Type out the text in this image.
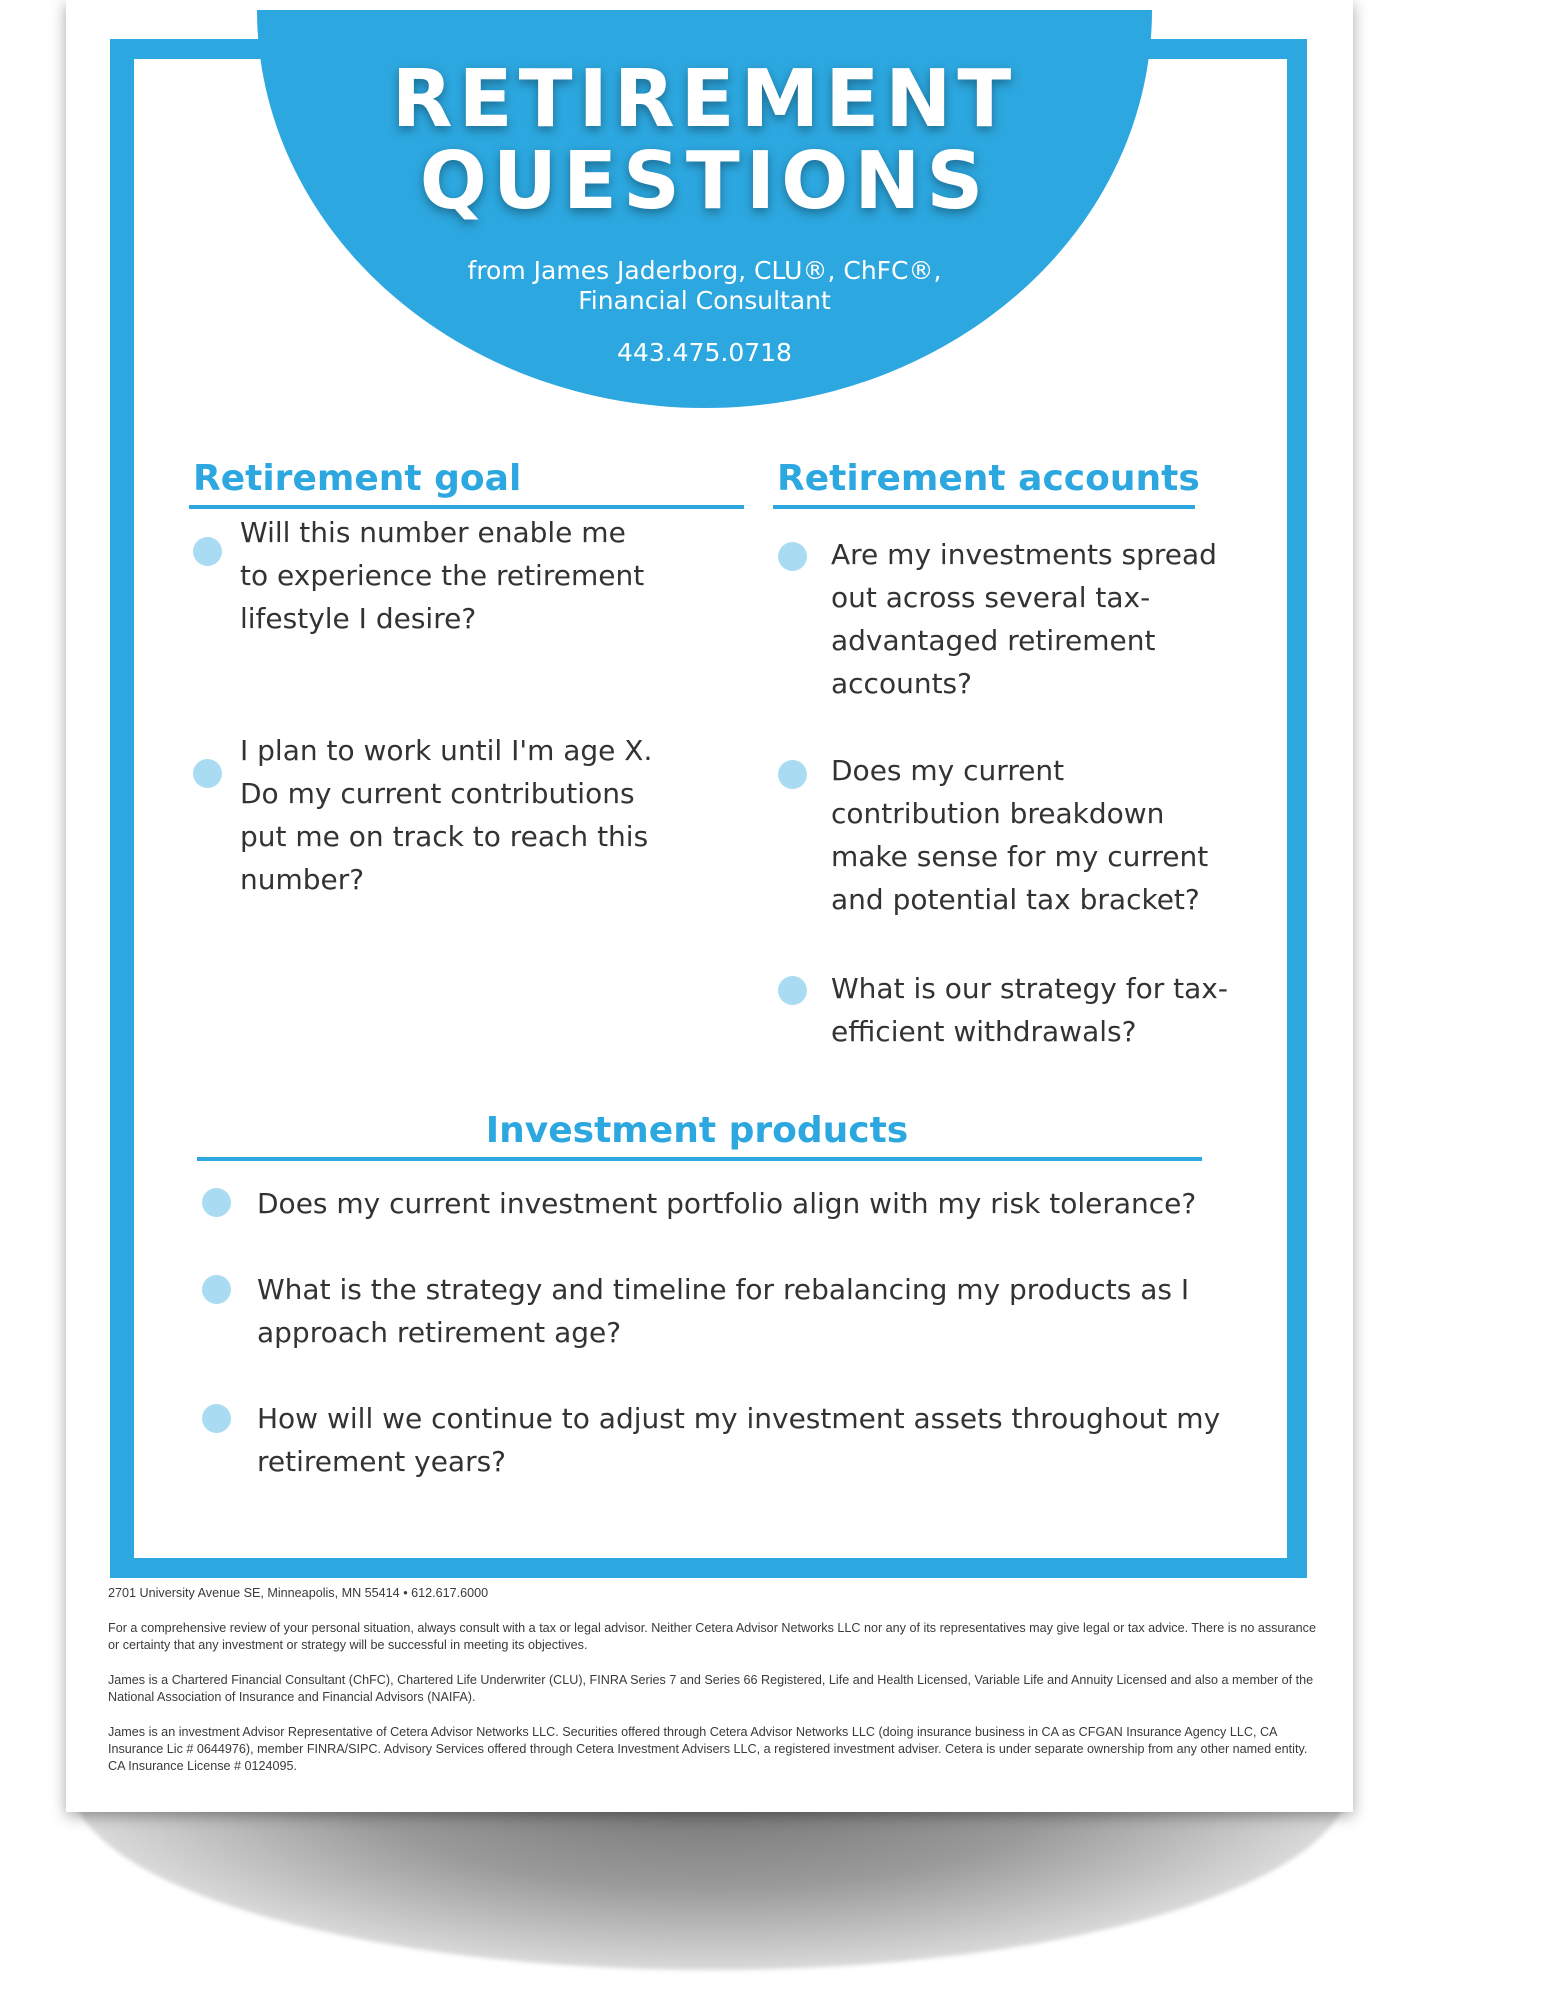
RETIREMENT
QUESTIONS
from James Jaderborg, CLU®, ChFC®,
Financial Consultant
443.475.0718
Retirement goal

Will this number enable me to experience the retirement lifestyle I desire?

I plan to work until I'm age X. Do my current contributions put me on track to reach this number?

Retirement accounts

Are my investments spread out across several tax-advantaged retirement accounts?

Does my current contribution breakdown make sense for my current and potential tax bracket?

What is our strategy for tax-efficient withdrawals?

Investment products

Does my current investment portfolio align with my risk tolerance?

What is the strategy and timeline for rebalancing my products as I approach retirement age?

How will we continue to adjust my investment assets throughout my retirement years?

2701 University Avenue SE, Minneapolis, MN 55414 • 612.617.6000

For a comprehensive review of your personal situation, always consult with a tax or legal advisor. Neither Cetera Advisor Networks LLC nor any of its representatives may give legal or tax advice. There is no assurance or certainty that any investment or strategy will be successful in meeting its objectives.

James is a Chartered Financial Consultant (ChFC), Chartered Life Underwriter (CLU), FINRA Series 7 and Series 66 Registered, Life and Health Licensed, Variable Life and Annuity Licensed and also a member of the National Association of Insurance and Financial Advisors (NAIFA).

James is an investment Advisor Representative of Cetera Advisor Networks LLC. Securities offered through Cetera Advisor Networks LLC (doing insurance business in CA as CFGAN Insurance Agency LLC, CA Insurance Lic # 0644976), member FINRA/SIPC. Advisory Services offered through Cetera Investment Advisers LLC, a registered investment adviser. Cetera is under separate ownership from any other named entity. CA Insurance License # 0124095.
